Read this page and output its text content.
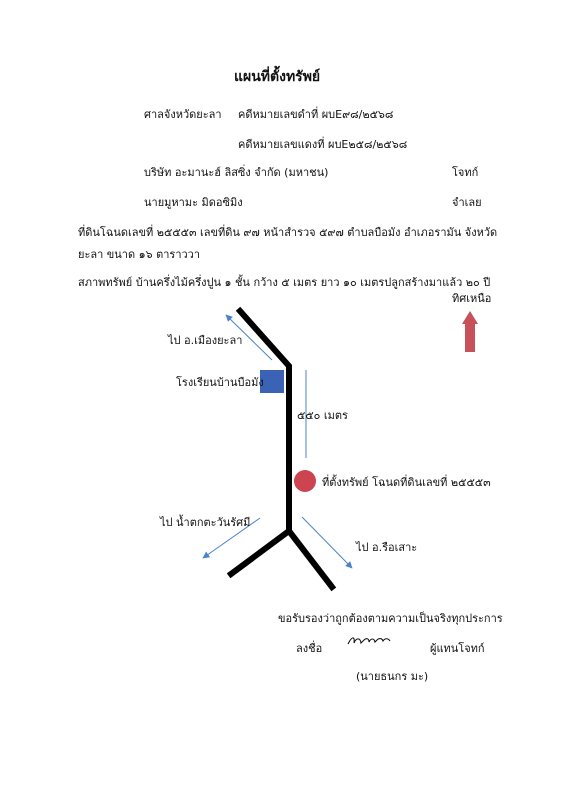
แผนที่ตั้งทรัพย์
ศาลจังหวัดยะลา คดีหมายเลขดำที่ ผบE๙๘/๒๕๖๘
คดีหมายเลขแดงที่ ผบE๒๕๘/๒๕๖๘
บริษัท อะมานะฮ์ ลิสซิ่ง จำกัด (มหาชน)	โจทก์
นายมูหามะ มิดอซิมิง	จำเลย
ที่ดินโฉนดเลขที่ ๒๕๕๕๓ เลขที่ดิน ๙๗ หน้าสำรวจ ๕๙๗ ตำบลบือมัง อำเภอรามัน จังหวัด
ยะลา ขนาด ๑๖ ตาราววา
สภาพทรัพย์ บ้านครึ่งไม้ครึ่งปูน ๑ ชั้น กว้าง ๕ เมตร ยาว ๑๐ เมตรปลูกสร้างมาแล้ว ๒๐ ปี
ทิศเหนือ
ไป อ.เมืองยะลา
โรงเรียนบ้านบือมัง
๕๕๐ เมตร
ที่ตั้งทรัพย์ โฉนดที่ดินเลขที่ ๒๕๕๕๓
ไป น้ำตกตะวันรัศมี
ไป อ.รือเสาะ
ขอรับรองว่าถูกต้องตามความเป็นจริงทุกประการ
ลงชื่อ	ผู้แทนโจทก์
(นายธนกร มะ)
